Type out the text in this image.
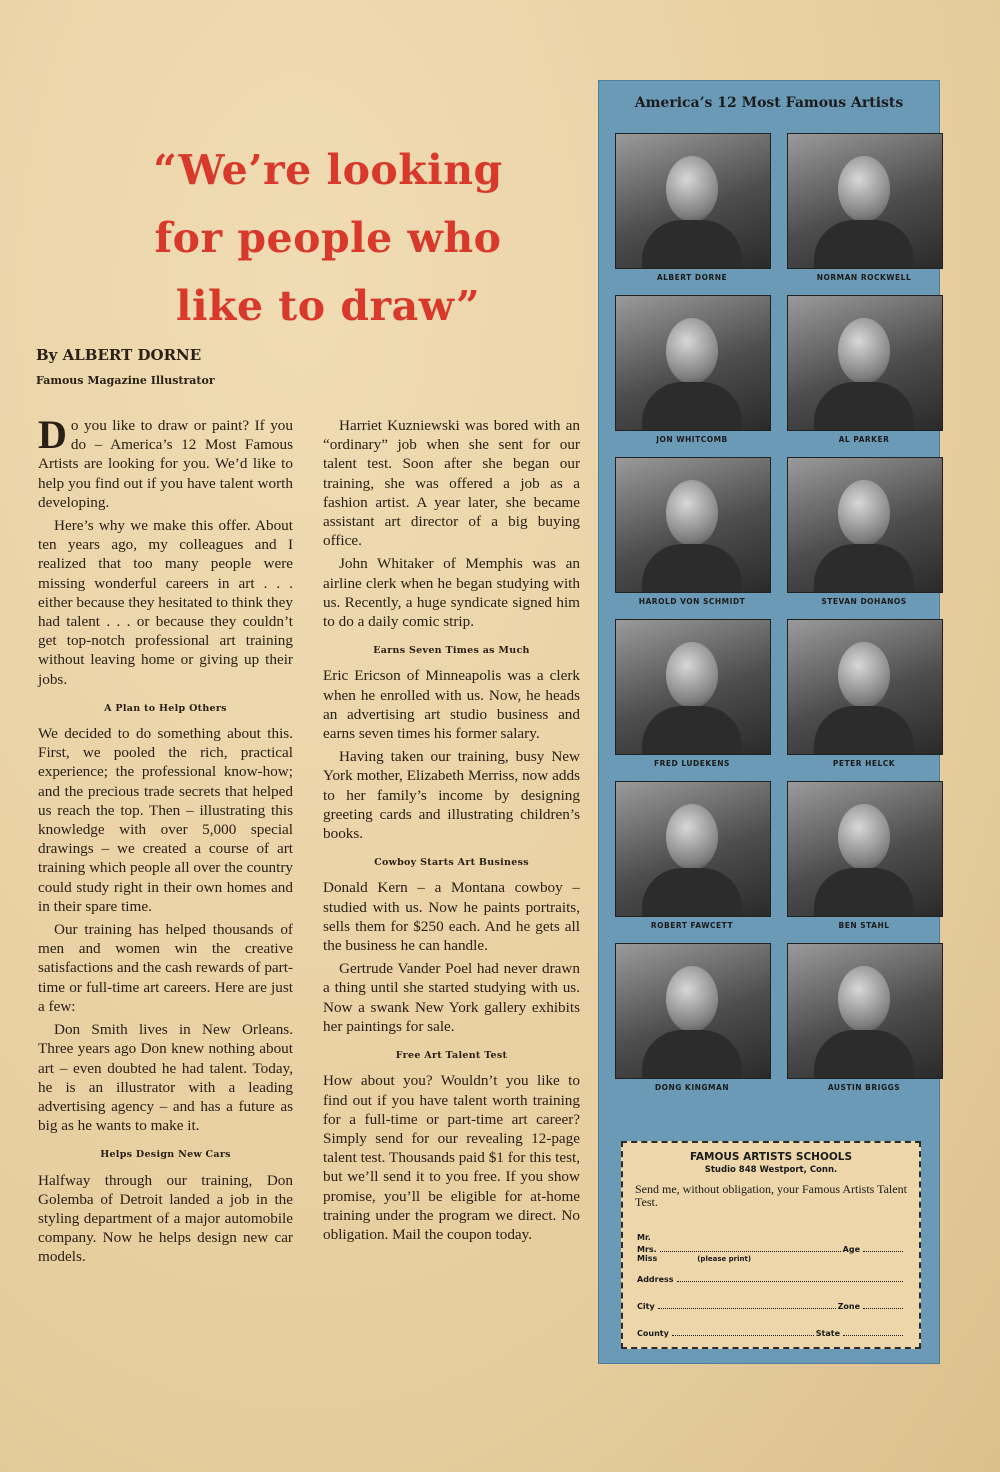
“We’re looking
for people who
like to draw”
By ALBERT DORNE
Famous Magazine Illustrator

Do you like to draw or paint? If you do – America’s 12 Most Famous Artists are looking for you. We’d like to help you find out if you have talent worth developing.

Here’s why we make this offer. About ten years ago, my colleagues and I realized that too many people were missing wonderful careers in art . . . either because they hesitated to think they had talent . . . or because they couldn’t get top-notch professional art training without leaving home or giving up their jobs.

A Plan to Help Others

We decided to do something about this. First, we pooled the rich, practical experience; the professional know-how; and the precious trade secrets that helped us reach the top. Then – illustrating this knowledge with over 5,000 special drawings – we created a course of art training which people all over the country could study right in their own homes and in their spare time.

Our training has helped thousands of men and women win the creative satisfactions and the cash rewards of part-time or full-time art careers. Here are just a few:

Don Smith lives in New Orleans. Three years ago Don knew nothing about art – even doubted he had talent. Today, he is an illustrator with a leading advertising agency – and has a future as big as he wants to make it.

Helps Design New Cars

Halfway through our training, Don Golemba of Detroit landed a job in the styling department of a major automobile company. Now he helps design new car models.

Harriet Kuzniewski was bored with an “ordinary” job when she sent for our talent test. Soon after she began our training, she was offered a job as a fashion artist. A year later, she became assistant art director of a big buying office.

John Whitaker of Memphis was an airline clerk when he began studying with us. Recently, a huge syndicate signed him to do a daily comic strip.

Earns Seven Times as Much

Eric Ericson of Minneapolis was a clerk when he enrolled with us. Now, he heads an advertising art studio business and earns seven times his former salary.

Having taken our training, busy New York mother, Elizabeth Merriss, now adds to her family’s income by designing greeting cards and illustrating children’s books.

Cowboy Starts Art Business

Donald Kern – a Montana cowboy – studied with us. Now he paints portraits, sells them for $250 each. And he gets all the business he can handle.

Gertrude Vander Poel had never drawn a thing until she started studying with us. Now a swank New York gallery exhibits her paintings for sale.

Free Art Talent Test

How about you? Wouldn’t you like to find out if you have talent worth training for a full-time or part-time art career? Simply send for our revealing 12-page talent test. Thousands paid $1 for this test, but we’ll send it to you free. If you show promise, you’ll be eligible for at-home training under the program we direct. No obligation. Mail the coupon today.

America’s 12 Most Famous Artists
ALBERT DORNE	NORMAN ROCKWELL
JON WHITCOMB	AL PARKER
HAROLD VON SCHMIDT	STEVAN DOHANOS
FRED LUDEKENS	PETER HELCK
ROBERT FAWCETT	BEN STAHL
DONG KINGMAN	AUSTIN BRIGGS
FAMOUS ARTISTS SCHOOLS
Studio 848 Westport, Conn.
Send me, without obligation, your Famous Artists Talent Test.
Mr.
Mrs.	Age
Miss	(please print)
Address
City	Zone
County	State
